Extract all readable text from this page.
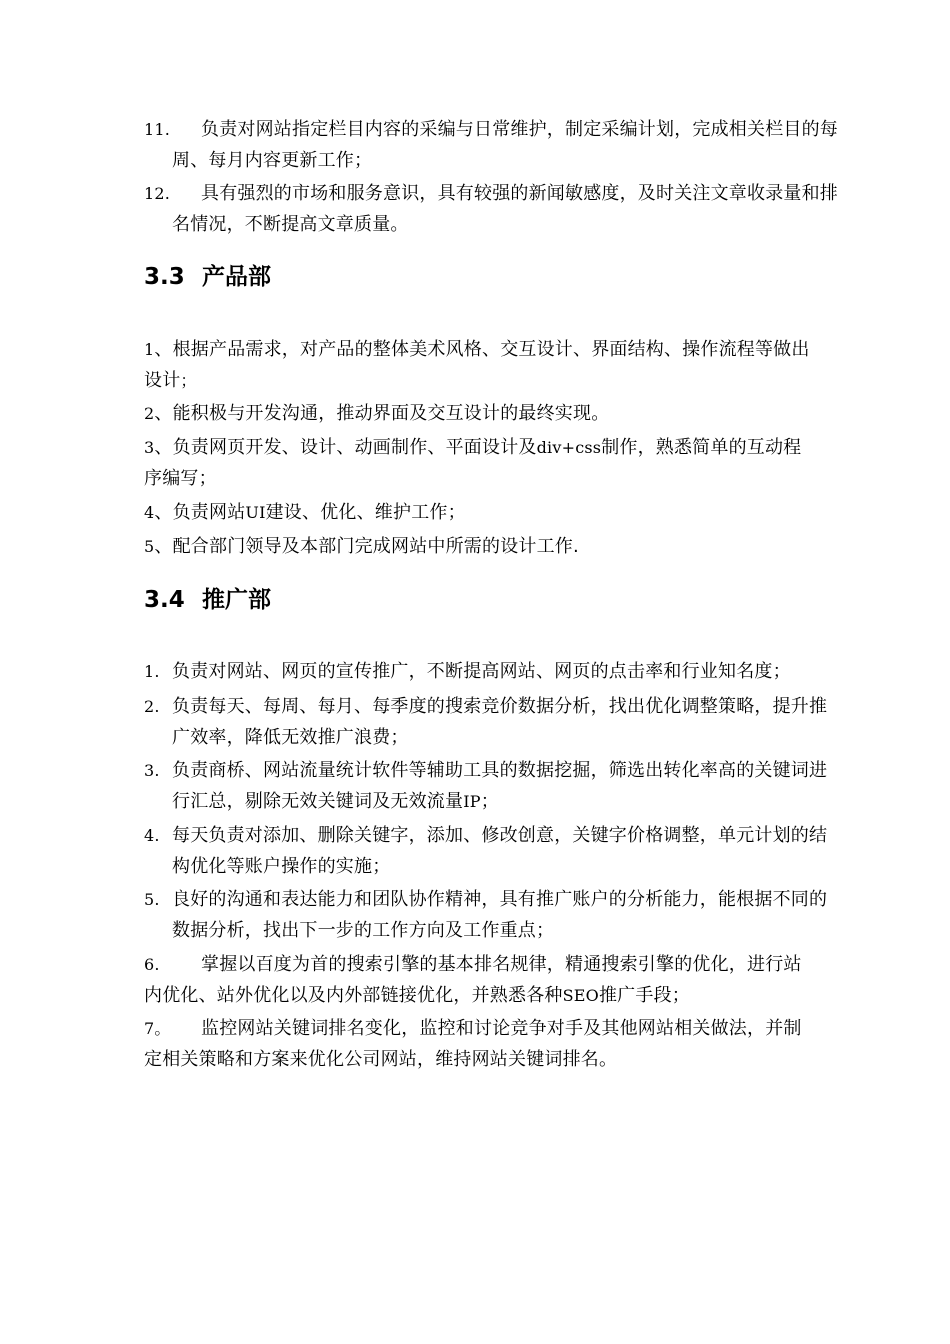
11. 负责对网站指定栏目内容的采编与日常维护，制定采编计划，完成相关栏目的每周、每月内容更新工作；
12. 具有强烈的市场和服务意识，具有较强的新闻敏感度，及时关注文章收录量和排名情况，不断提高文章质量。
3.3 产品部
1、根据产品需求，对产品的整体美术风格、交互设计、界面结构、操作流程等做出设计；
2、能积极与开发沟通，推动界面及交互设计的最终实现。
3、负责网页开发、设计、动画制作、平面设计及div+css制作，熟悉简单的互动程序编写；
4、负责网站UI建设、优化、维护工作；
5、配合部门领导及本部门完成网站中所需的设计工作.
3.4 推广部
1. 负责对网站、网页的宣传推广，不断提高网站、网页的点击率和行业知名度；
2. 负责每天、每周、每月、每季度的搜索竞价数据分析，找出优化调整策略，提升推广效率，降低无效推广浪费；
3. 负责商桥、网站流量统计软件等辅助工具的数据挖掘，筛选出转化率高的关键词进行汇总，剔除无效关键词及无效流量IP；
4. 每天负责对添加、删除关键字，添加、修改创意，关键字价格调整，单元计划的结构优化等账户操作的实施；
5. 良好的沟通和表达能力和团队协作精神，具有推广账户的分析能力，能根据不同的数据分析，找出下一步的工作方向及工作重点；
6. 掌握以百度为首的搜索引擎的基本排名规律，精通搜索引擎的优化，进行站内优化、站外优化以及内外部链接优化，并熟悉各种SEO推广手段；
7。 监控网站关键词排名变化，监控和讨论竞争对手及其他网站相关做法，并制定相关策略和方案来优化公司网站，维持网站关键词排名。
